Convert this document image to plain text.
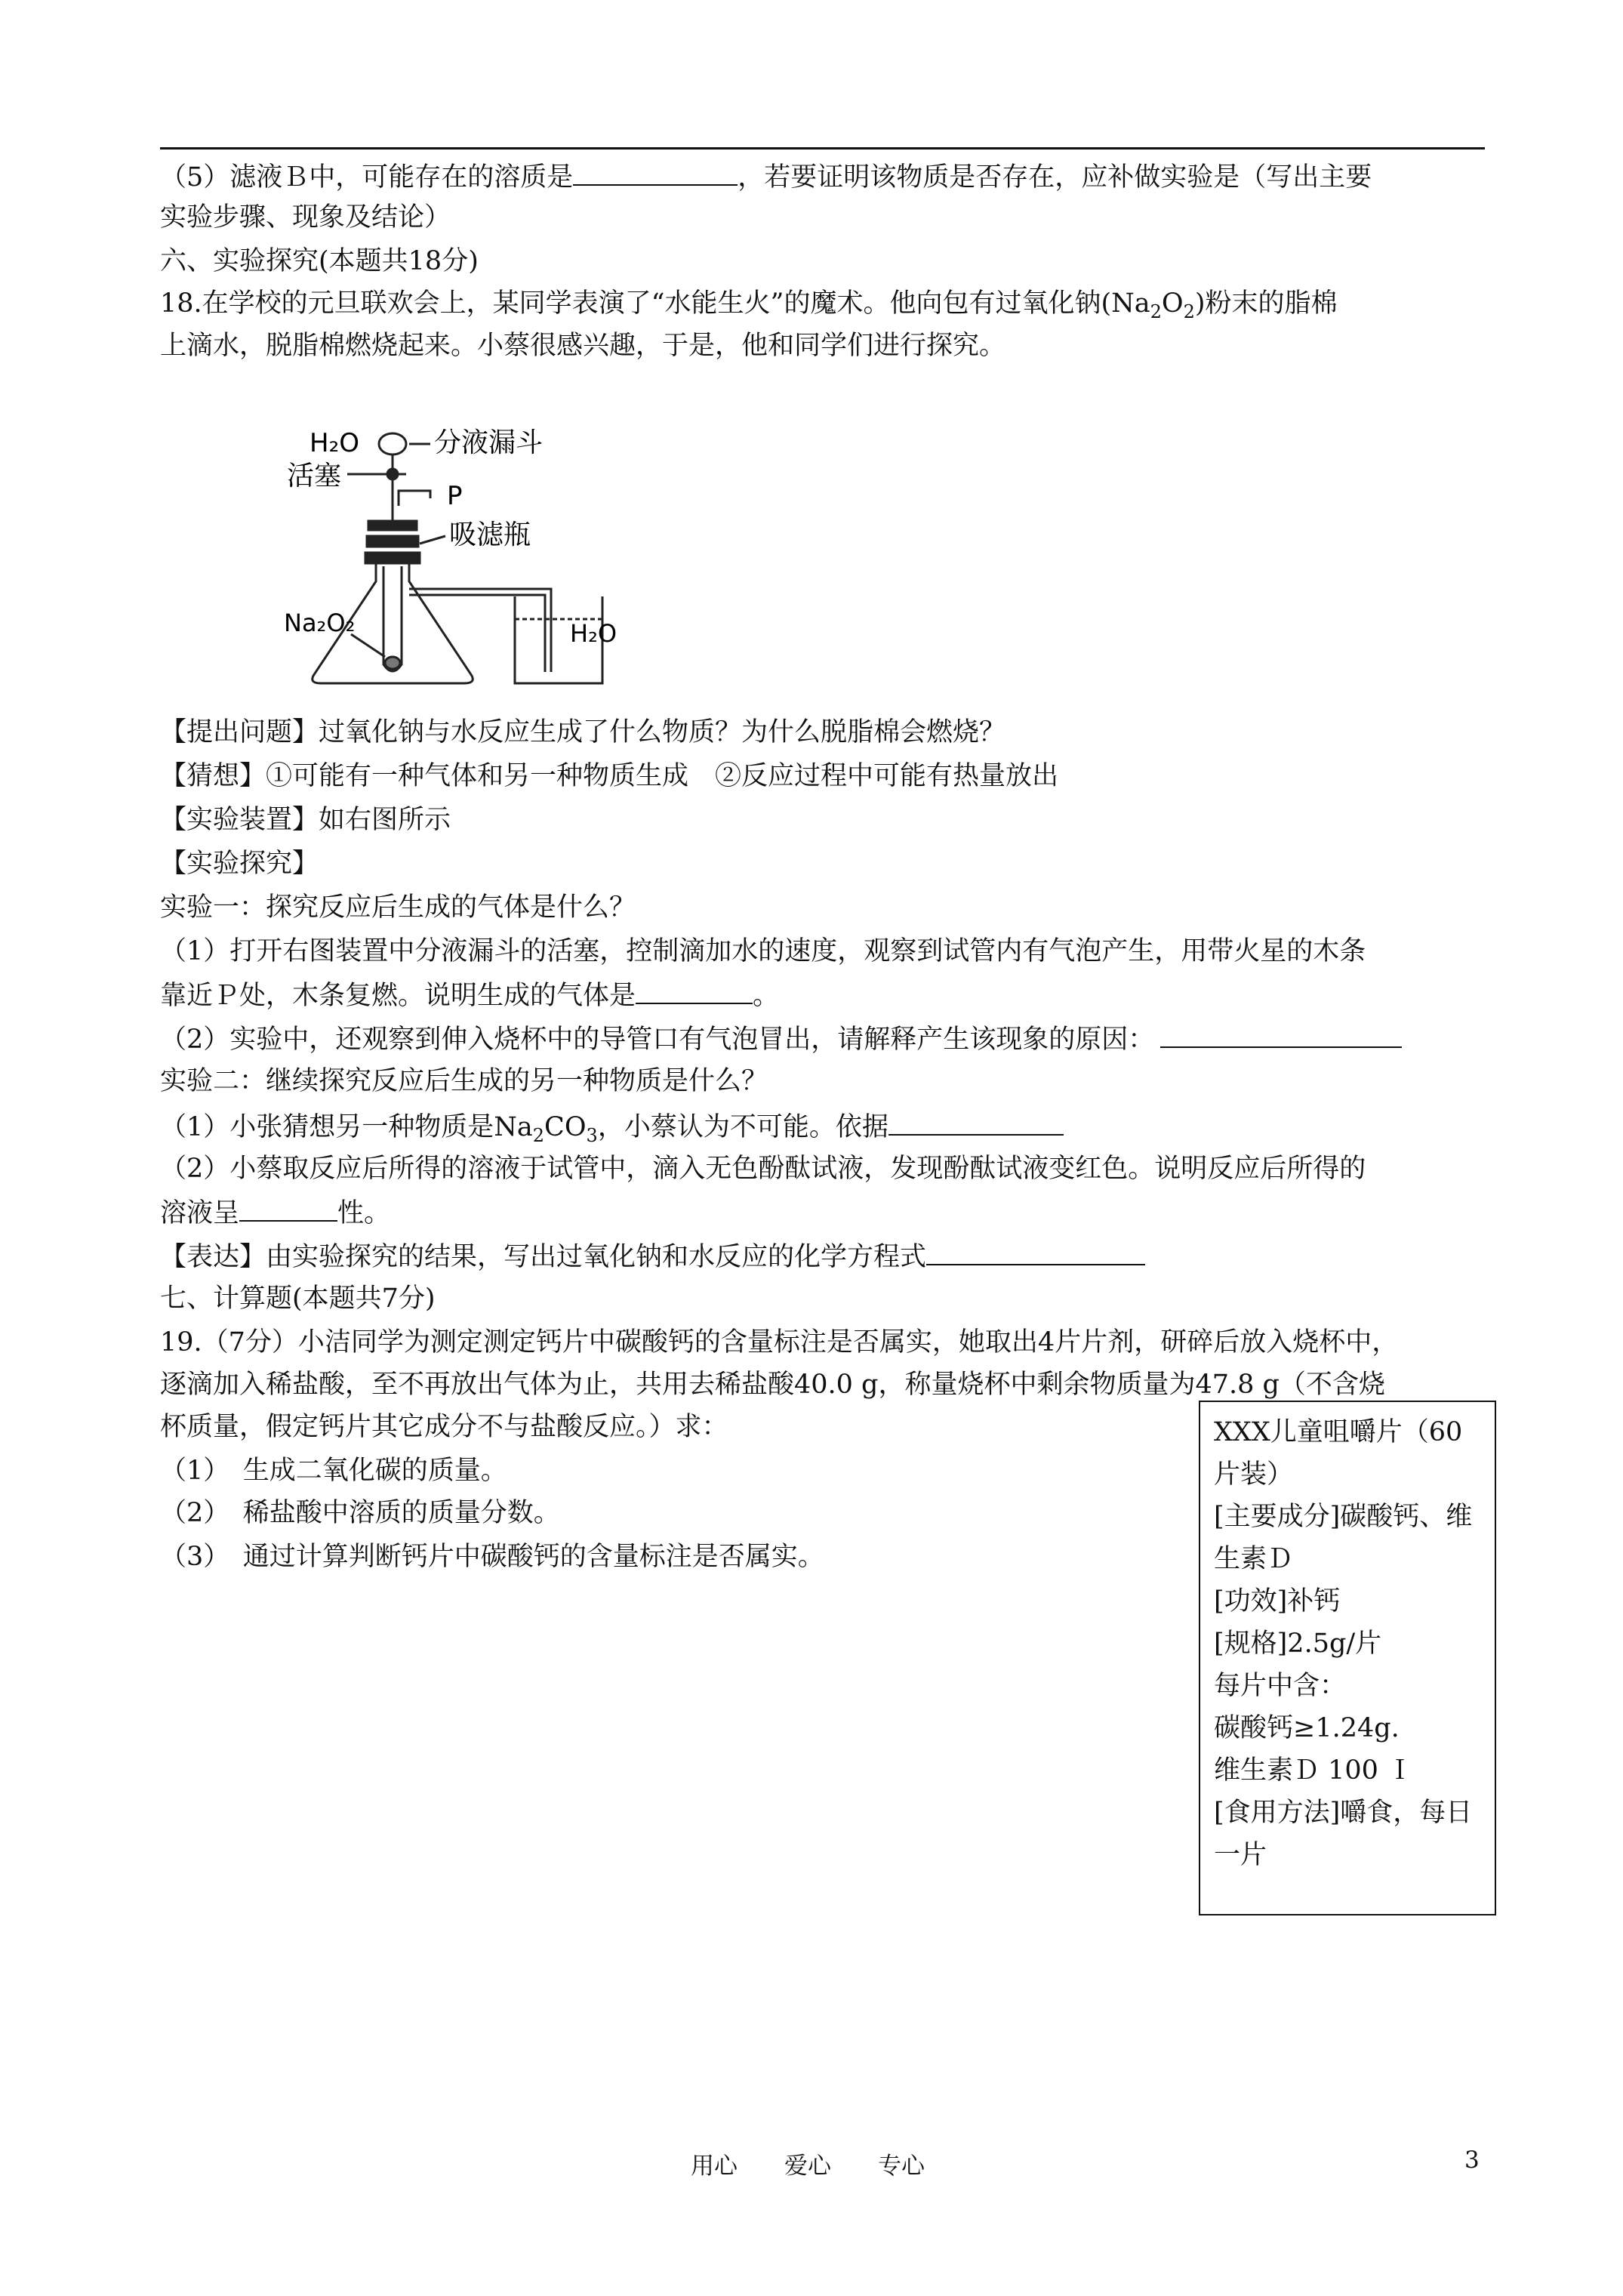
（5）滤液Ｂ中，可能存在的溶质是	，若要证明该物质是否存在，应补做实验是（写出主要
实验步骤、现象及结论）
六、实验探究(本题共18分)
18.在学校的元旦联欢会上，某同学表演了“水能生火”的魔术。他向包有过氧化钠$(Na_2O_2)$粉末的脂棉
上滴水，脱脂棉燃烧起来。小蔡很感兴趣，于是，他和同学们进行探究。
H₂O	分液漏斗
活塞
P
吸滤瓶
Na₂O₂	H₂O
【提出问题】过氧化钠与水反应生成了什么物质？为什么脱脂棉会燃烧？
【猜想】①可能有一种气体和另一种物质生成　②反应过程中可能有热量放出
【实验装置】如右图所示
【实验探究】
实验一：探究反应后生成的气体是什么？
（1）打开右图装置中分液漏斗的活塞，控制滴加水的速度，观察到试管内有气泡产生，用带火星的木条
靠近Ｐ处，木条复燃。说明生成的气体是	。
（2）实验中，还观察到伸入烧杯中的导管口有气泡冒出，请解释产生该现象的原因：
实验二：继续探究反应后生成的另一种物质是什么？
（1）小张猜想另一种物质是$Na_2CO_3$，小蔡认为不可能。依据
（2）小蔡取反应后所得的溶液于试管中，滴入无色酚酞试液，发现酚酞试液变红色。说明反应后所得的
溶液呈	性。
【表达】由实验探究的结果，写出过氧化钠和水反应的化学方程式
七、计算题(本题共7分)
19.（7分）小洁同学为测定测定钙片中碳酸钙的含量标注是否属实，她取出4片片剂，研碎后放入烧杯中，
逐滴加入稀盐酸，至不再放出气体为止，共用去稀盐酸40.0 g，称量烧杯中剩余物质量为47.8 g（不含烧
杯质量，假定钙片其它成分不与盐酸反应。）求：
（1）　生成二氧化碳的质量。
（2）　稀盐酸中溶质的质量分数。
（3）　通过计算判断钙片中碳酸钙的含量标注是否属实。
XXX儿童咀嚼片（60片装）
[主要成分]碳酸钙、维生素Ｄ
[功效]补钙
[规格]2.5g/片
每片中含：
碳酸钙≥1.24g.
维生素Ｄ 100 Ｉ
[食用方法]嚼食，每日一片
用心　　爱心　　专心	3
